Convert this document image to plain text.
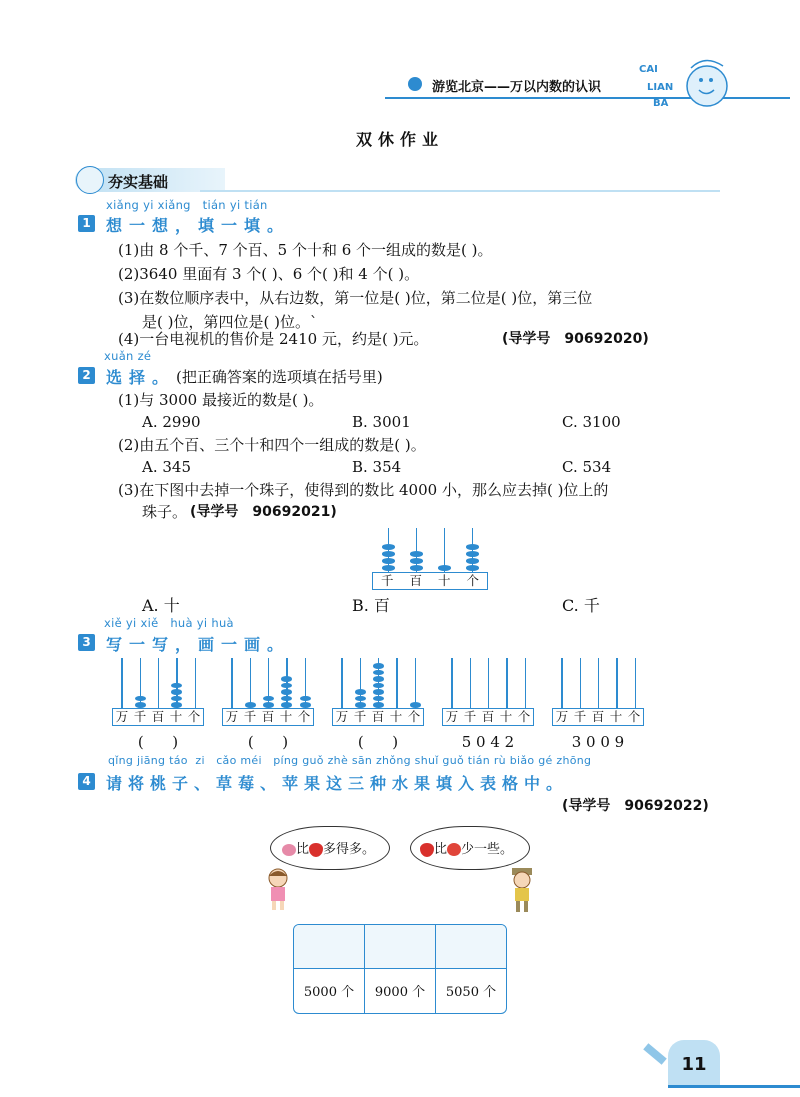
游览北京——万以内数的认识
CAI
LIAN
BA
双休作业
夯实基础
xiǎng yi xiǎng   tián yi tián
1 想一想，填一填。
(1)由 8 个千、7 个百、5 个十和 6 个一组成的数是( )。
(2)3640 里面有 3 个( )、6 个( )和 4 个( )。
(3)在数位顺序表中，从右边数，第一位是( )位，第二位是( )位，第三位
是( )位，第四位是( )位。`
(4)一台电视机的售价是 2410 元，约是( )元。	(导学号　90692020)
xuǎn zé
2 选择。 (把正确答案的选项填在括号里)
(1)与 3000 最接近的数是( )。
A. 2990	B. 3001	C. 3100
(2)由五个百、三个十和四个一组成的数是( )。
A. 345	B. 354	C. 534
(3)在下图中去掉一个珠子，使得到的数比 4000 小，那么应去掉( )位上的
珠子。 (导学号　90692021)
千 百 十 个
A. 十	B. 百	C. 千
xiě yi xiě   huà yi huà
3 写一写，画一画。
万 千 百 十 个
(      )
万 千 百 十 个
(      )
万 千 百 十 个
(      )
万 千 百 十 个
5 0 4 2
万 千 百 十 个
3 0 0 9
qǐng jiāng táo  zi   cǎo méi   píng guǒ zhè sān zhǒng shuǐ guǒ tián rù biǎo gé zhōng
4 请将桃子、草莓、苹果这三种水果填入表格中。
(导学号　90692022)
比 多得多。	比 少一些。

5000 个	9000 个	5050 个
11
